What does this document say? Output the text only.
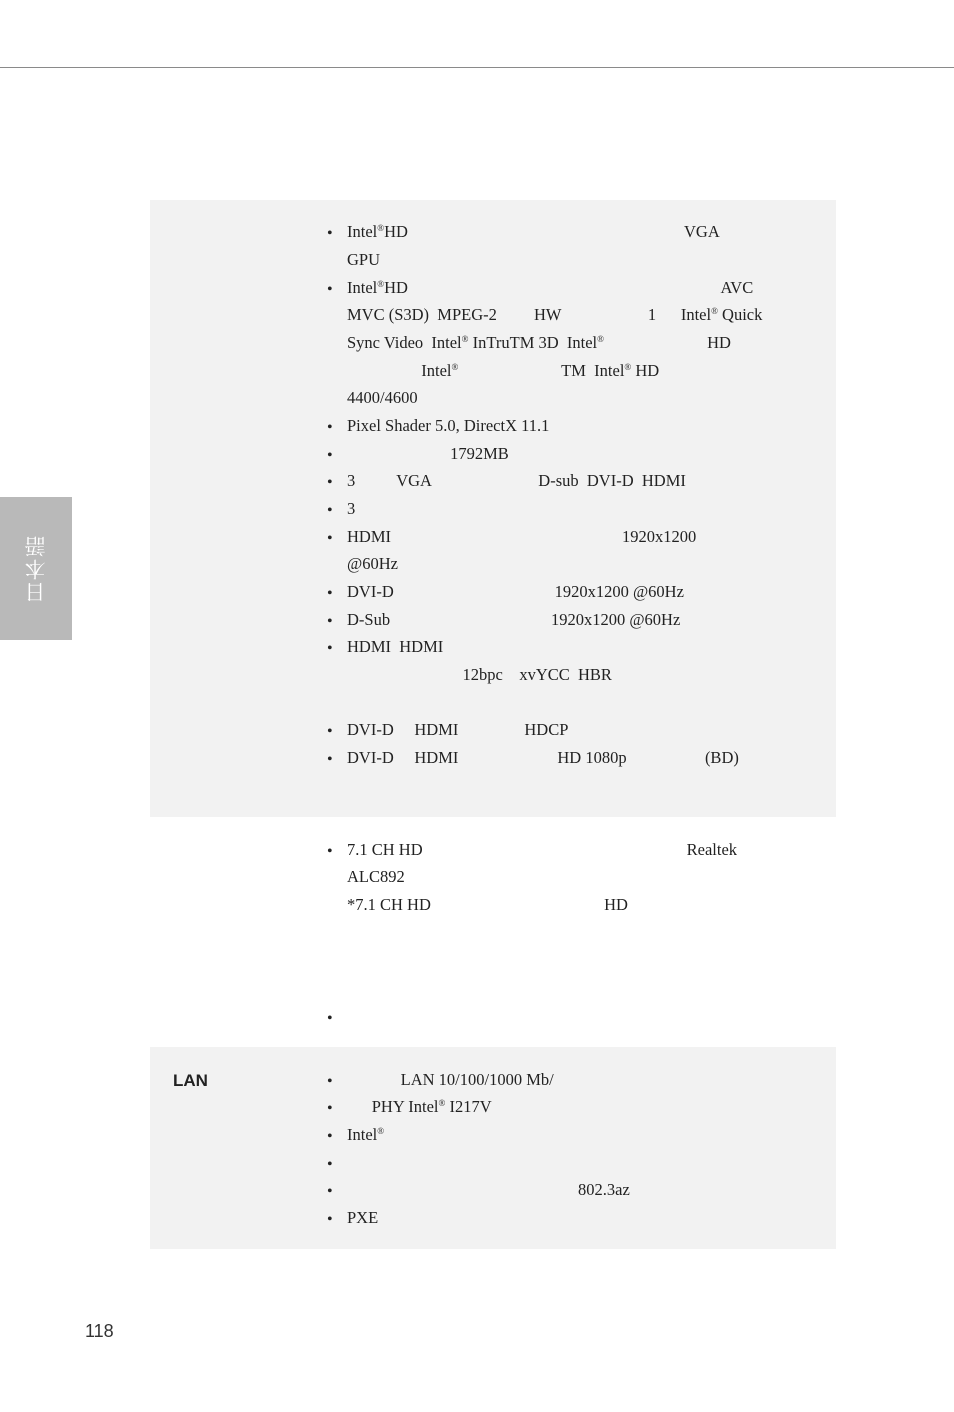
日本語
• Intel®HD                                                                   VGA
GPU
• Intel®HD                                                                            AVC
MVC (S3D)  MPEG-2         HW                     1      Intel® Quick
Sync Video  Intel® InTruTM 3D  Intel®                         HD
Intel®                         TM  Intel® HD
4400/4600
• Pixel Shader 5.0, DirectX 11.1
• 1792MB
• 3          VGA                          D-sub  DVI-D  HDMI
• 3
• HDMI                                                        1920x1200
@60Hz
• DVI-D                                       1920x1200 @60Hz
• D-Sub                                       1920x1200 @60Hz
• HDMI  HDMI
12bpc    xvYCC  HBR
• DVI-D     HDMI                HDCP
• DVI-D     HDMI                        HD 1080p                   (BD)
• 7.1 CH HD                                                                Realtek
ALC892
*7.1 CH HD                                          HD
•
LAN	• LAN 10/100/1000 Mb/
• PHY Intel® I217V
• Intel®
•
• 802.3az
• PXE
118
